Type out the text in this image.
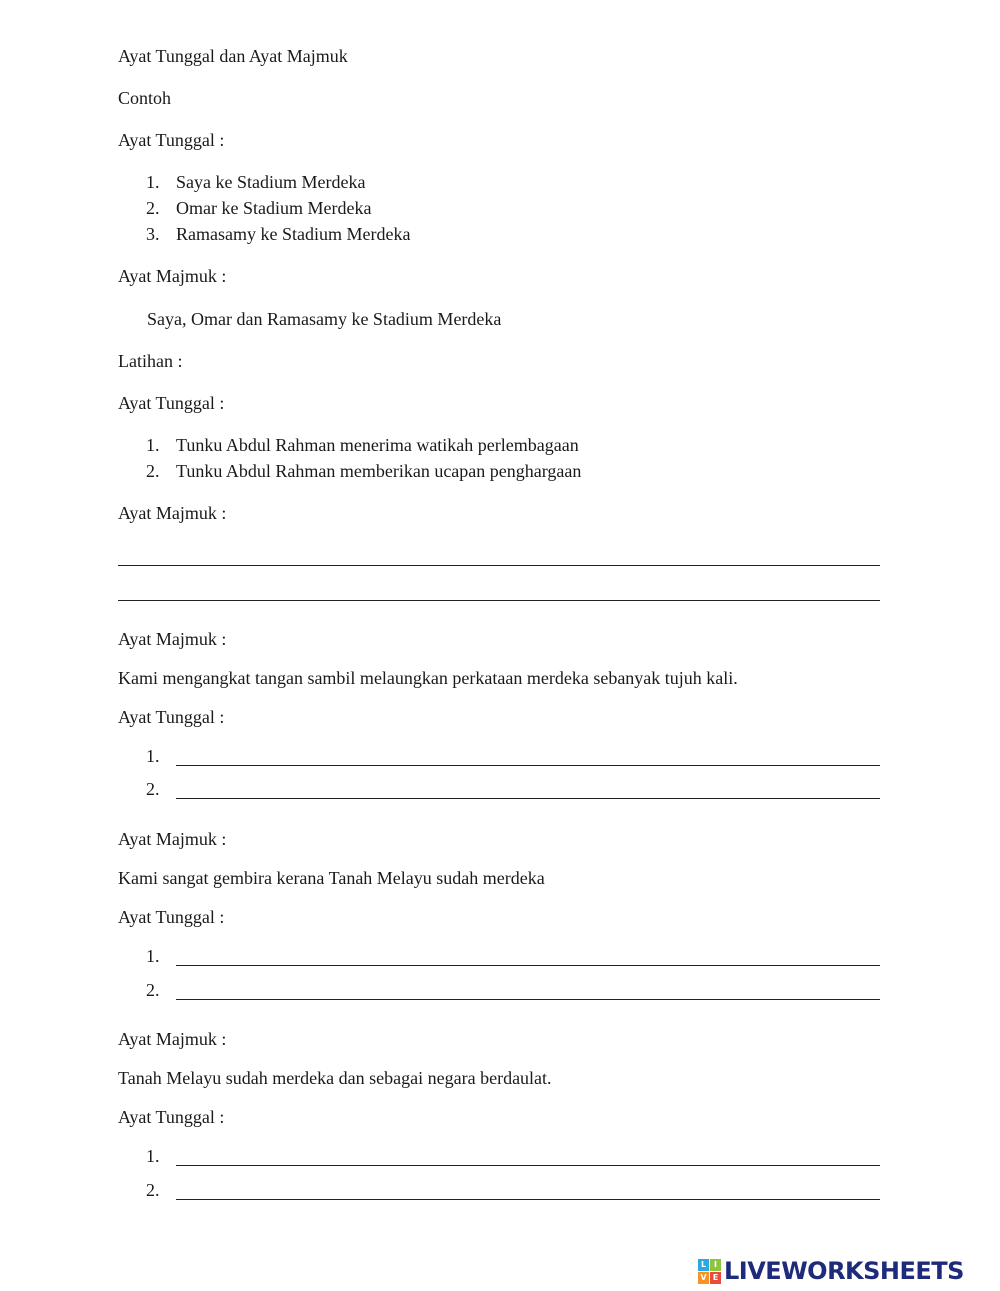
Ayat Tunggal dan Ayat Majmuk
Contoh
Ayat Tunggal :
1. Saya ke Stadium Merdeka
2. Omar ke Stadium Merdeka
3. Ramasamy ke Stadium Merdeka
Ayat Majmuk :
Saya, Omar dan Ramasamy ke Stadium Merdeka
Latihan :
Ayat Tunggal :
1. Tunku Abdul Rahman menerima watikah perlembagaan
2. Tunku Abdul Rahman memberikan ucapan penghargaan
Ayat Majmuk :
Ayat Majmuk :
Kami mengangkat tangan sambil melaungkan perkataan merdeka sebanyak tujuh kali.
Ayat Tunggal :
1.
2.
Ayat Majmuk :
Kami sangat gembira kerana Tanah Melayu sudah merdeka
Ayat Tunggal :
1.
2.
Ayat Majmuk :
Tanah Melayu sudah merdeka dan sebagai negara berdaulat.
Ayat Tunggal :
1.
2.
L I
V E LIVEWORKSHEETS
